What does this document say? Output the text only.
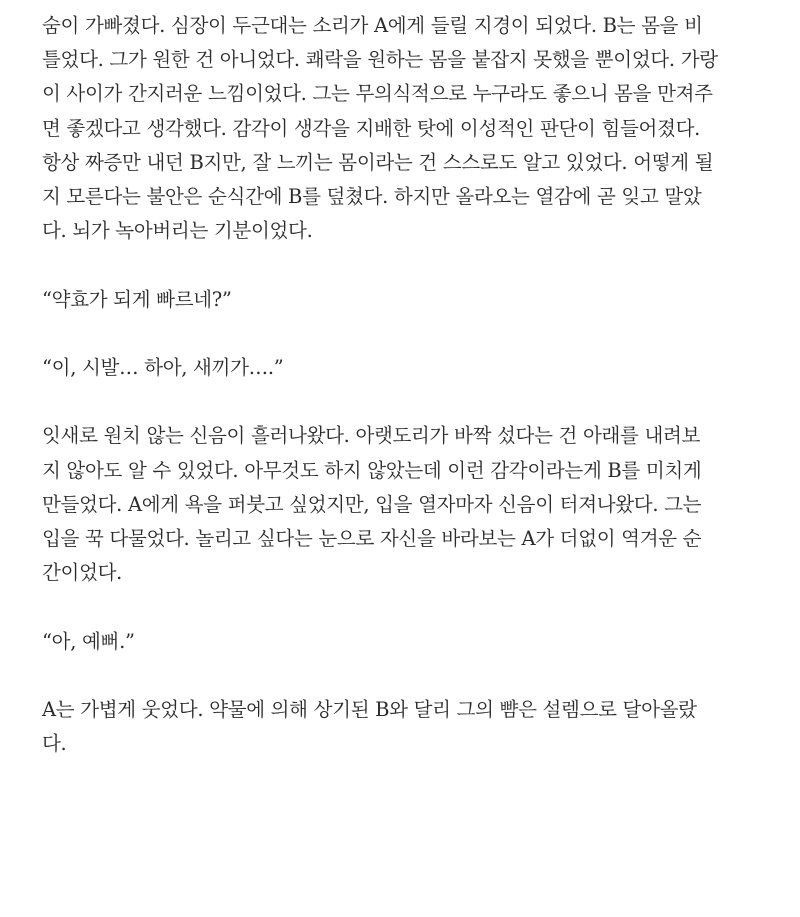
숨이 가빠졌다. 심장이 두근대는 소리가 A에게 들릴 지경이 되었다. B는 몸을 비
틀었다. 그가 원한 건 아니었다. 쾌락을 원하는 몸을 붙잡지 못했을 뿐이었다. 가랑
이 사이가 간지러운 느낌이었다. 그는 무의식적으로 누구라도 좋으니 몸을 만져주
면 좋겠다고 생각했다. 감각이 생각을 지배한 탓에 이성적인 판단이 힘들어졌다.
항상 짜증만 내던 B지만, 잘 느끼는 몸이라는 건 스스로도 알고 있었다. 어떻게 될
지 모른다는 불안은 순식간에 B를 덮쳤다. 하지만 올라오는 열감에 곧 잊고 말았
다. 뇌가 녹아버리는 기분이었다.

“약효가 되게 빠르네?”

“이, 시발… 하아, 새끼가….”

잇새로 원치 않는 신음이 흘러나왔다. 아랫도리가 바짝 섰다는 건 아래를 내려보
지 않아도 알 수 있었다. 아무것도 하지 않았는데 이런 감각이라는게 B를 미치게
만들었다. A에게 욕을 퍼붓고 싶었지만, 입을 열자마자 신음이 터져나왔다. 그는
입을 꾹 다물었다. 놀리고 싶다는 눈으로 자신을 바라보는 A가 더없이 역겨운 순
간이었다.

“아, 예뻐.”

A는 가볍게 웃었다. 약물에 의해 상기된 B와 달리 그의 뺨은 설렘으로 달아올랐
다.
